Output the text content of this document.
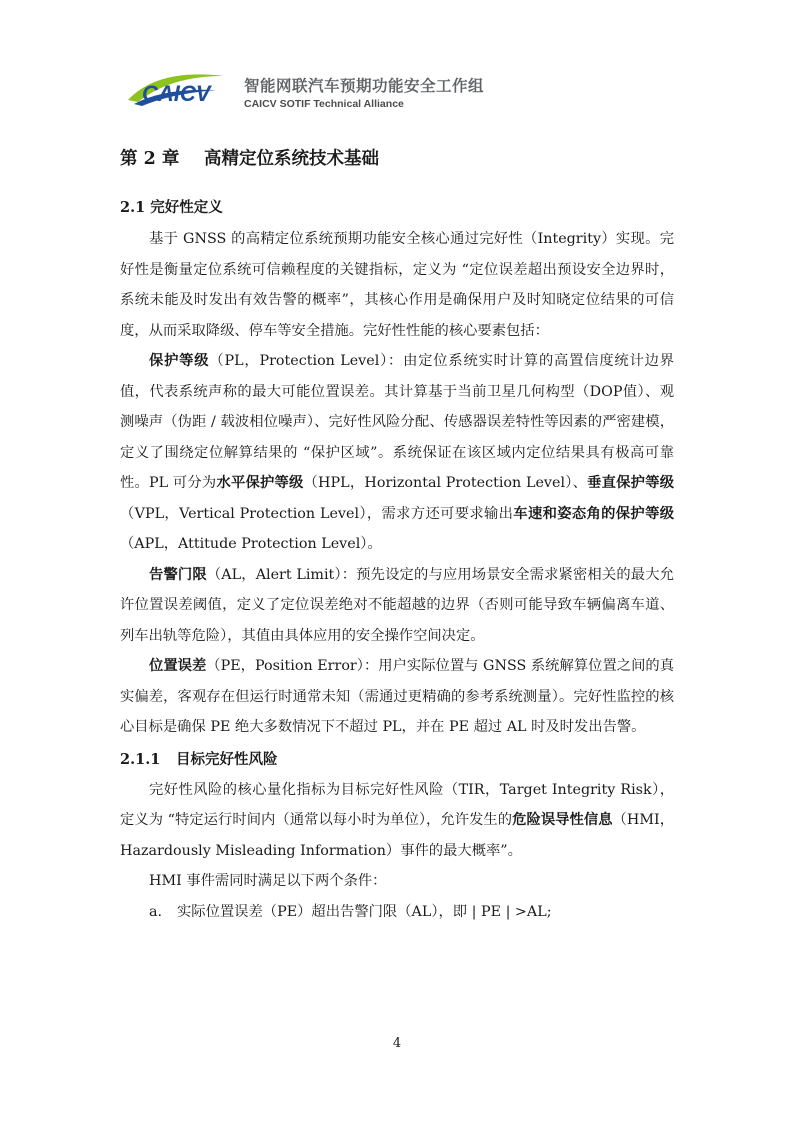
CAICV 智能网联汽车预期功能安全工作组
CAICV SOTIF Technical Alliance
第 2 章 高精定位系统技术基础
2.1 完好性定义

基于 GNSS 的高精定位系统预期功能安全核心通过完好性（Integrity）实现。完好性是衡量定位系统可信赖程度的关键指标，定义为 “定位误差超出预设安全边界时，系统未能及时发出有效告警的概率”，其核心作用是确保用户及时知晓定位结果的可信度，从而采取降级、停车等安全措施。完好性性能的核心要素包括：

保护等级（PL，Protection Level）：由定位系统实时计算的高置信度统计边界值，代表系统声称的最大可能位置误差。其计算基于当前卫星几何构型（DOP值）、观测噪声（伪距 / 载波相位噪声）、完好性风险分配、传感器误差特性等因素的严密建模，定义了围绕定位解算结果的 “保护区域”。系统保证在该区域内定位结果具有极高可靠性。PL 可分为水平保护等级（HPL，Horizontal Protection Level）、垂直保护等级（VPL，Vertical Protection Level），需求方还可要求输出车速和姿态角的保护等级（APL，Attitude Protection Level）。

告警门限（AL，Alert Limit）：预先设定的与应用场景安全需求紧密相关的最大允许位置误差阈值，定义了定位误差绝对不能超越的边界（否则可能导致车辆偏离车道、列车出轨等危险），其值由具体应用的安全操作空间决定。

位置误差（PE，Position Error）：用户实际位置与 GNSS 系统解算位置之间的真实偏差，客观存在但运行时通常未知（需通过更精确的参考系统测量）。完好性监控的核心目标是确保 PE 绝大多数情况下不超过 PL，并在 PE 超过 AL 时及时发出告警。

2.1.1 目标完好性风险

完好性风险的核心量化指标为目标完好性风险（TIR，Target Integrity Risk），定义为 “特定运行时间内（通常以每小时为单位），允许发生的危险误导性信息（HMI，Hazardously Misleading Information）事件的最大概率”。

HMI 事件需同时满足以下两个条件：

a. 实际位置误差（PE）超出告警门限（AL），即 | PE | >AL;

4
